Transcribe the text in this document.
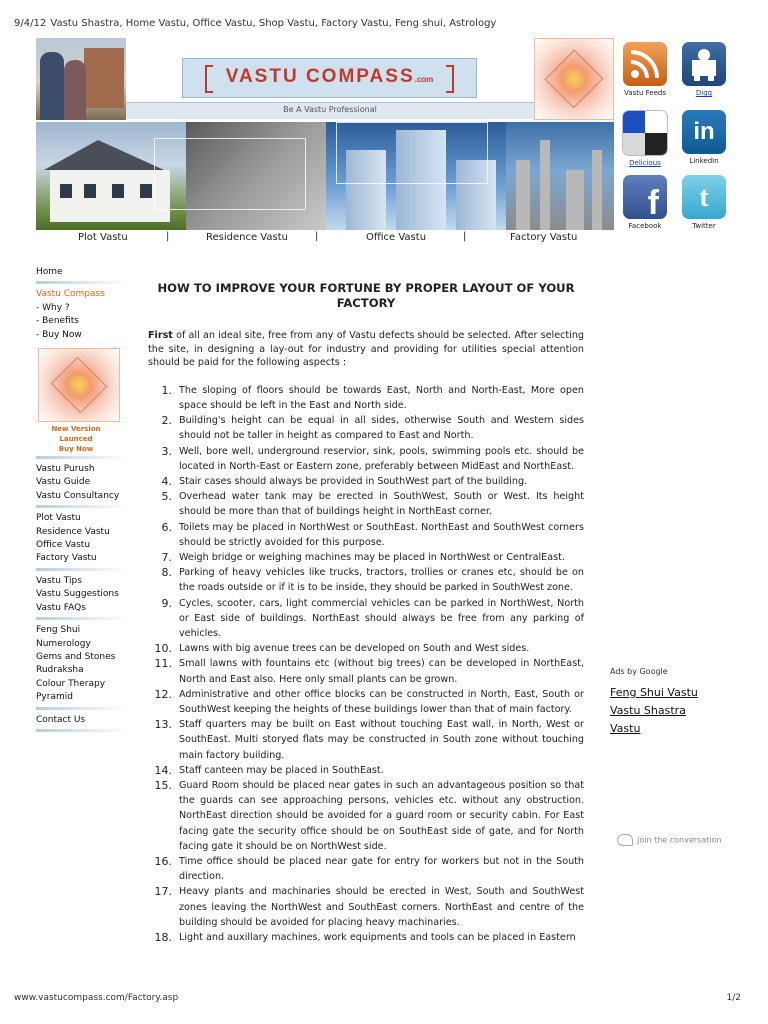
9/4/12 Vastu Shastra, Home Vastu, Office Vastu, Shop Vastu, Factory Vastu, Feng shui, Astrology
VASTU COMPASS.com
Be A Vastu Professional
Plot Vastu	|	Residence Vastu	|	Office Vastu	|	Factory Vastu
Vastu Feeds	Digg
Delicious
in
LinkedIn
f
Facebook
t
Twitter
Home
Vastu Compass
- Why ?
- Benefits
- Buy Now
New Version Launced
Buy Now
Vastu Purush
Vastu Guide
Vastu Consultancy
Plot Vastu
Residence Vastu
Office Vastu
Factory Vastu
Vastu Tips
Vastu Suggestions
Vastu FAQs
Feng Shui
Numerology
Gems and Stones
Rudraksha
Colour Therapy
Pyramid
Contact Us
HOW TO IMPROVE YOUR FORTUNE BY PROPER LAYOUT OF YOUR FACTORY

First of all an ideal site, free from any of Vastu defects should be selected. After selecting the site, in designing a lay-out for industry and providing for utilities special attention should be paid for the following aspects :

1. The sloping of floors should be towards East, North and North-East, More open space should be left in the East and North side.
2. Building's height can be equal in all sides, otherwise South and Western sides should not be taller in height as compared to East and North.
3. Well, bore well, underground reservior, sink, pools, swimming pools etc. should be located in North-East or Eastern zone, preferably between MidEast and NorthEast.
4. Stair cases should always be provided in SouthWest part of the building.
5. Overhead water tank may be erected in SouthWest, South or West. Its height should be more than that of buildings height in NorthEast corner.
6. Toilets may be placed in NorthWest or SouthEast. NorthEast and SouthWest corners should be strictly avoided for this purpose.
7. Weigh bridge or weighing machines may be placed in NorthWest or CentralEast.
8. Parking of heavy vehicles like trucks, tractors, trollies or cranes etc, should be on the roads outside or if it is to be inside, they should be parked in SouthWest zone.
9. Cycles, scooter, cars, light commercial vehicles can be parked in NorthWest, North or East side of buildings. NorthEast should always be free from any parking of vehicles.
10. Lawns with big avenue trees can be developed on South and West sides.
11. Small lawns with fountains etc (without big trees) can be developed in NorthEast, North and East also. Here only small plants can be grown.
12. Administrative and other office blocks can be constructed in North, East, South or SouthWest keeping the heights of these buildings lower than that of main factory.
13. Staff quarters may be built on East without touching East wall, in North, West or SouthEast. Multi storyed flats may be constructed in South zone without touching main factory building.
14. Staff canteen may be placed in SouthEast.
15. Guard Room should be placed near gates in such an advantageous position so that the guards can see approaching persons, vehicles etc. without any obstruction. NorthEast direction should be avoided for a guard room or security cabin. For East facing gate the security office should be on SouthEast side of gate, and for North facing gate it should be on NorthWest side.
16. Time office should be placed near gate for entry for workers but not in the South direction.
17. Heavy plants and machinaries should be erected in West, South and SouthWest zones leaving the NorthWest and SouthEast corners. NorthEast and centre of the building should be avoided for placing heavy machinaries.
18. Light and auxillary machines, work equipments and tools can be placed in Eastern
Ads by Google
Feng Shui Vastu
Vastu Shastra
Vastu
Join the conversation
www.vastucompass.com/Factory.asp	1/2
